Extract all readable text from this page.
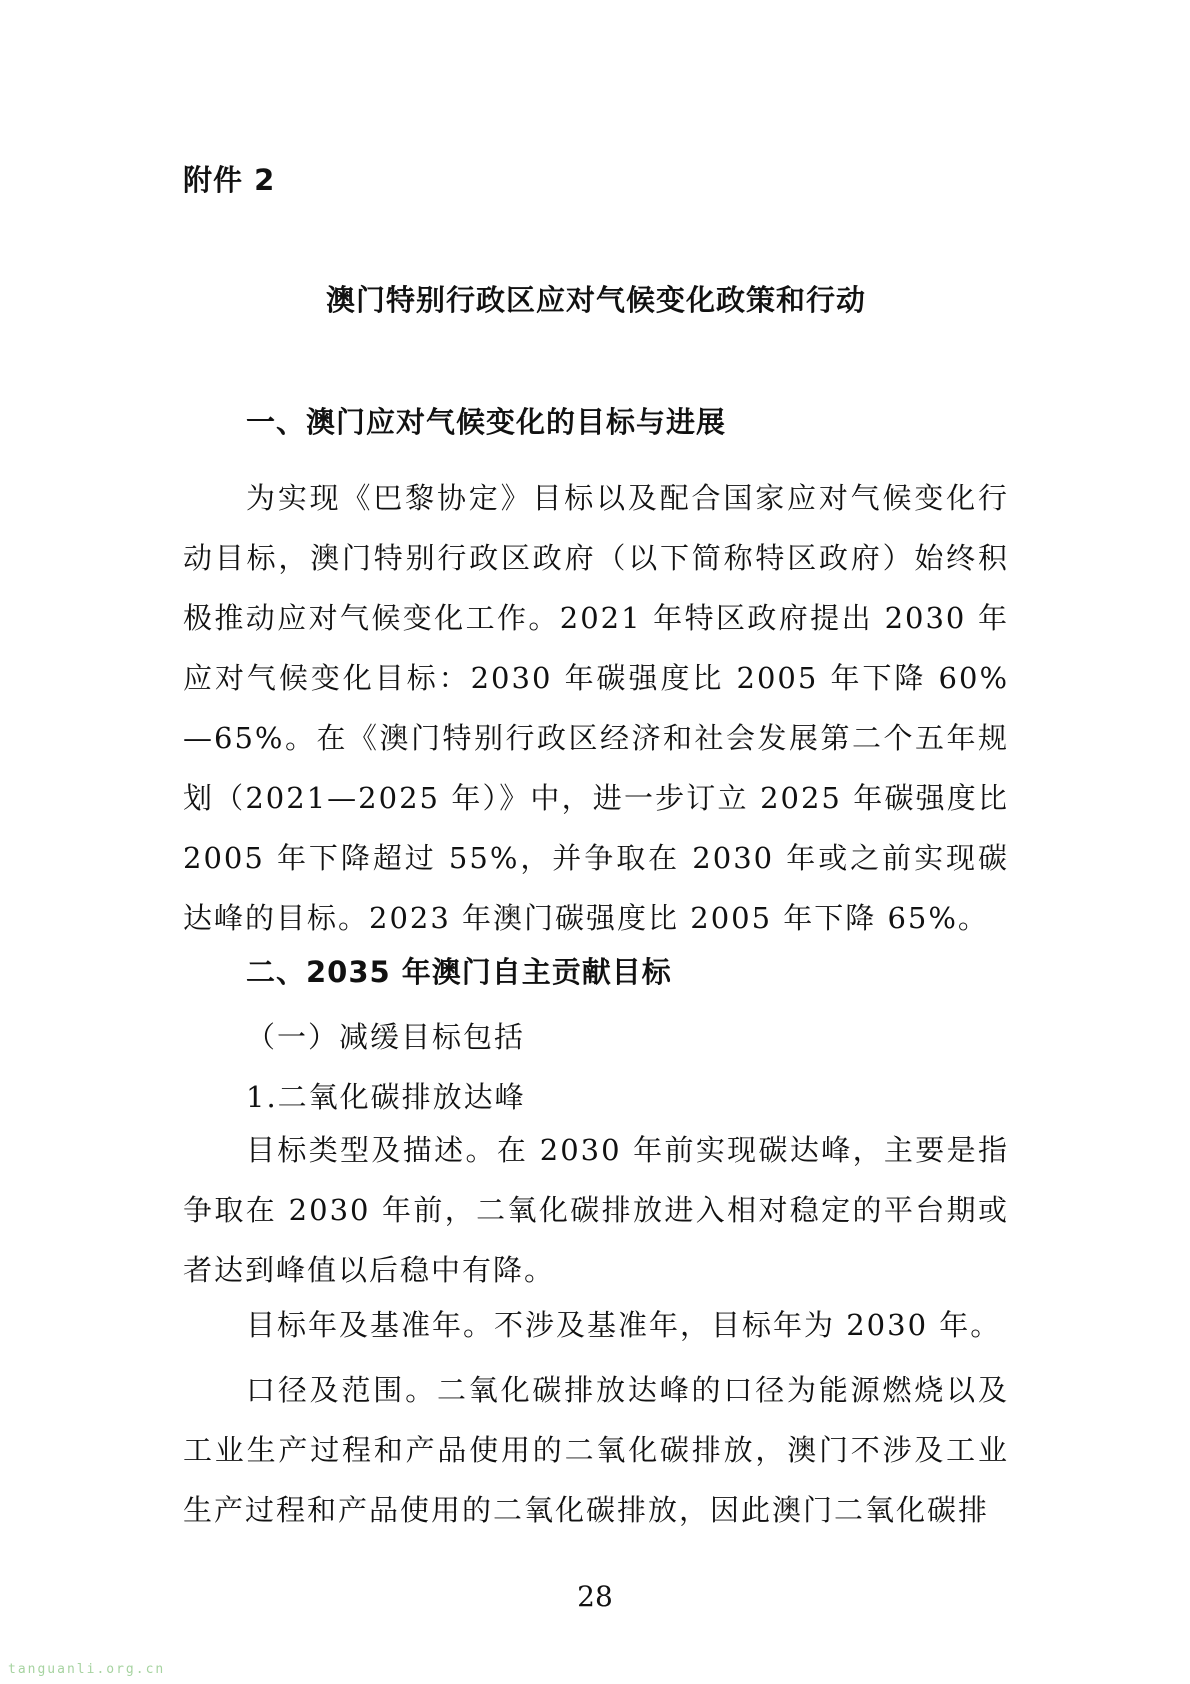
附件 2
澳门特别行政区应对气候变化政策和行动
一、澳门应对气候变化的目标与进展

为实现《巴黎协定》目标以及配合国家应对气候变化行动目标，澳门特别行政区政府（以下简称特区政府）始终积极推动应对气候变化工作。2021 年特区政府提出 2030 年应对气候变化目标：2030 年碳强度比 2005 年下降 60%—65%。在《澳门特别行政区经济和社会发展第二个五年规划（2021—2025 年）》中，进一步订立 2025 年碳强度比 2005 年下降超过 55%，并争取在 2030 年或之前实现碳达峰的目标。2023 年澳门碳强度比 2005 年下降 65%。

二、2035 年澳门自主贡献目标
（一）减缓目标包括
1.二氧化碳排放达峰

目标类型及描述。在 2030 年前实现碳达峰，主要是指争取在 2030 年前，二氧化碳排放进入相对稳定的平台期或者达到峰值以后稳中有降。

目标年及基准年。不涉及基准年，目标年为 2030 年。

口径及范围。二氧化碳排放达峰的口径为能源燃烧以及工业生产过程和产品使用的二氧化碳排放，澳门不涉及工业生产过程和产品使用的二氧化碳排放，因此澳门二氧化碳排

28
tanguanli.org.cn
